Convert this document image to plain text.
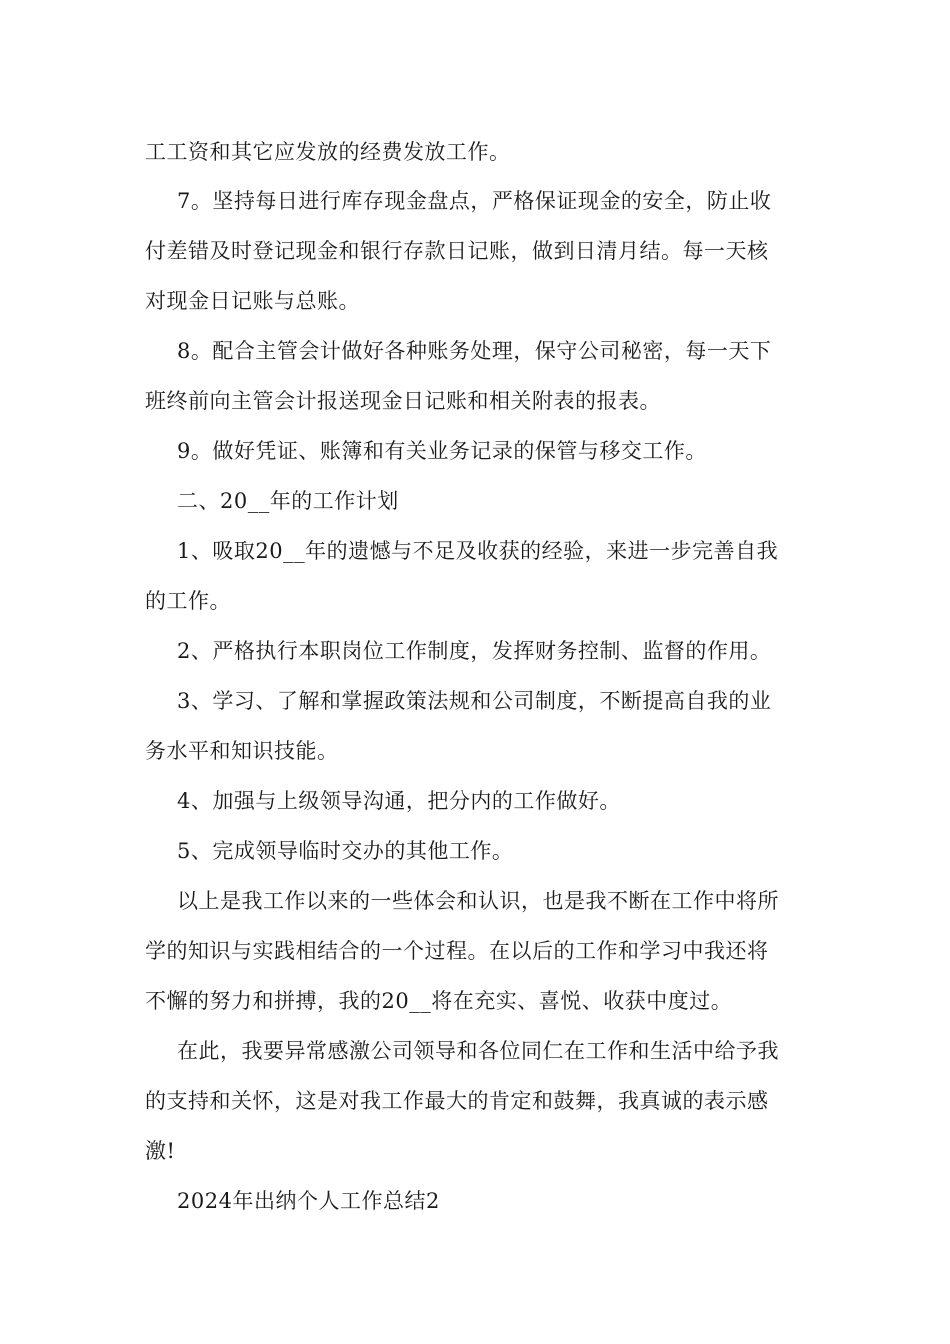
工工资和其它应发放的经费发放工作。
7。坚持每日进行库存现金盘点，严格保证现金的安全，防止收
付差错及时登记现金和银行存款日记账，做到日清月结。每一天核
对现金日记账与总账。
8。配合主管会计做好各种账务处理，保守公司秘密，每一天下
班终前向主管会计报送现金日记账和相关附表的报表。
9。做好凭证、账簿和有关业务记录的保管与移交工作。
二、20__年的工作计划
1、吸取20__年的遗憾与不足及收获的经验，来进一步完善自我
的工作。
2、严格执行本职岗位工作制度，发挥财务控制、监督的作用。
3、学习、了解和掌握政策法规和公司制度，不断提高自我的业
务水平和知识技能。
4、加强与上级领导沟通，把分内的工作做好。
5、完成领导临时交办的其他工作。
以上是我工作以来的一些体会和认识，也是我不断在工作中将所
学的知识与实践相结合的一个过程。在以后的工作和学习中我还将
不懈的努力和拼搏，我的20__将在充实、喜悦、收获中度过。
在此，我要异常感激公司领导和各位同仁在工作和生活中给予我
的支持和关怀，这是对我工作最大的肯定和鼓舞，我真诚的表示感
激!
2024年出纳个人工作总结2
